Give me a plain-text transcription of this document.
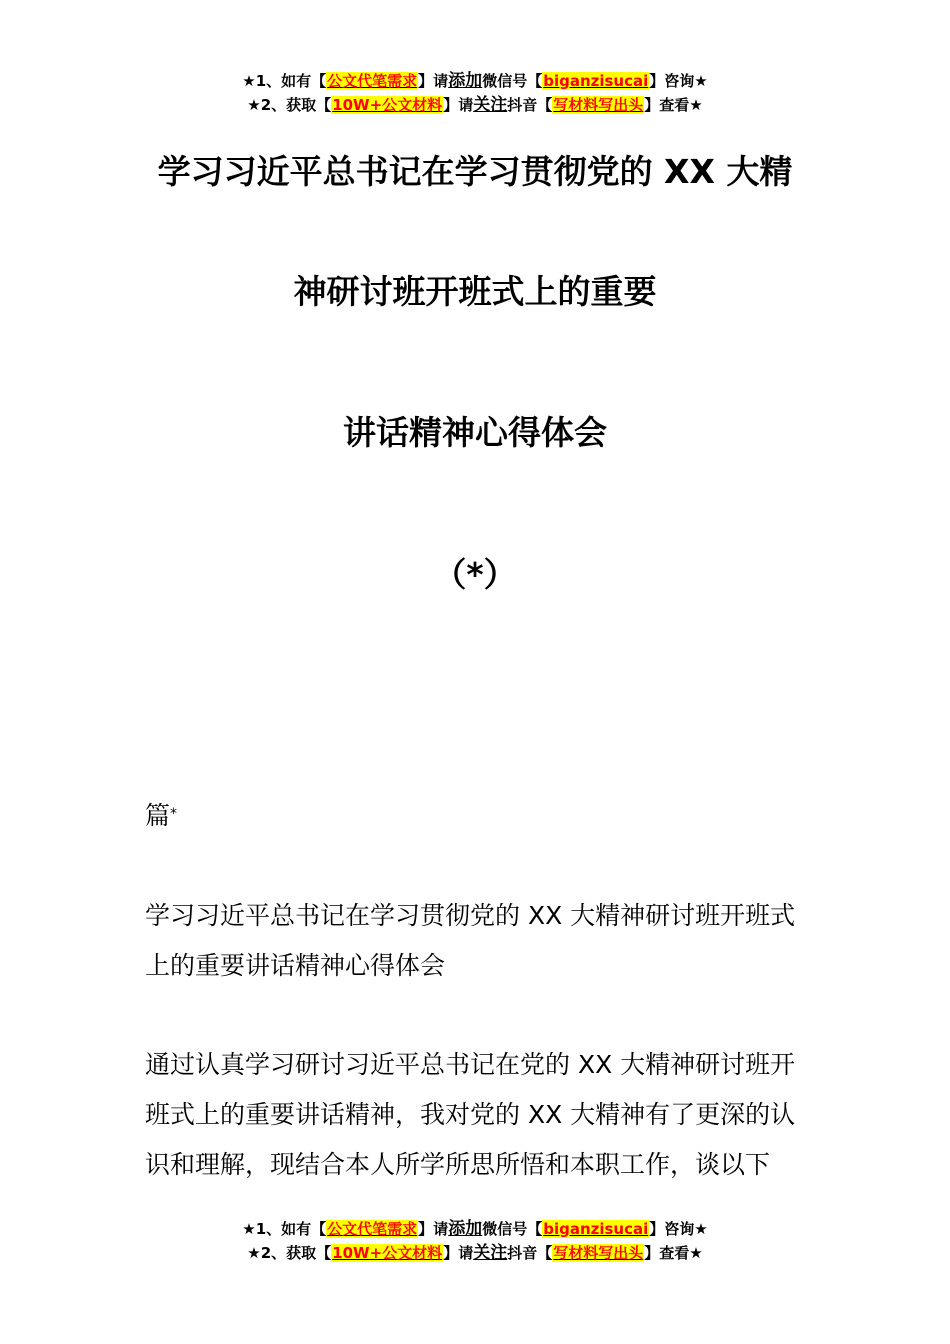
★1、如有【公文代笔需求】请添加微信号【biganzisucai】咨询★
★2、获取【10W+公文材料】请关注抖音【写材料写出头】查看★
学习习近平总书记在学习贯彻党的 XX 大精
神研讨班开班式上的重要
讲话精神心得体会
（*）
篇*
学习习近平总书记在学习贯彻党的 XX 大精神研讨班开班式上的重要讲话精神心得体会
通过认真学习研讨习近平总书记在党的 XX 大精神研讨班开班式上的重要讲话精神，我对党的 XX 大精神有了更深的认识和理解，现结合本人所学所思所悟和本职工作，谈以下
★1、如有【公文代笔需求】请添加微信号【biganzisucai】咨询★
★2、获取【10W+公文材料】请关注抖音【写材料写出头】查看★
